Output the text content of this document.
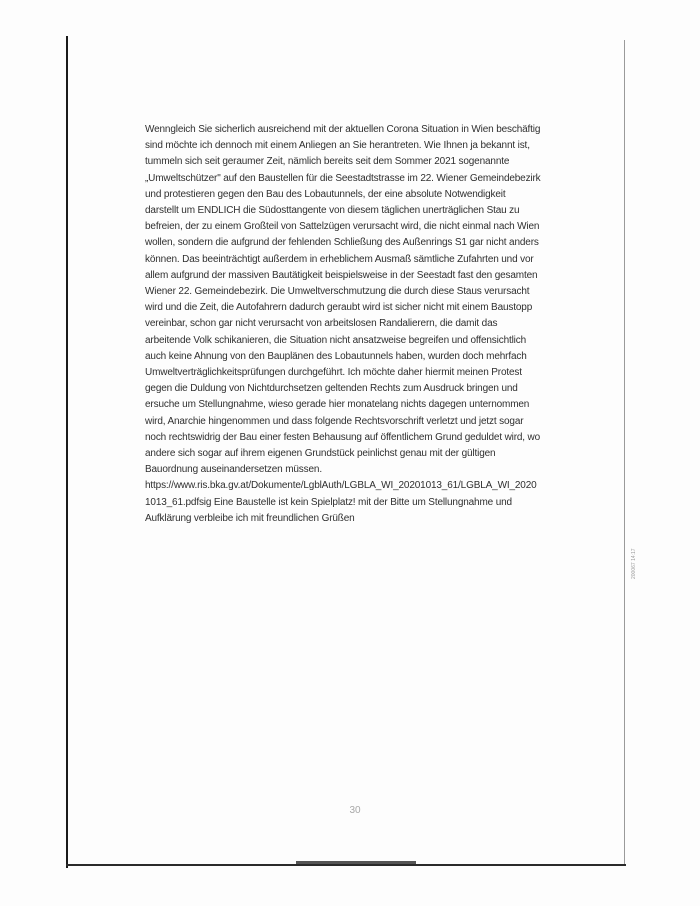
Wenngleich Sie sicherlich ausreichend mit der aktuellen Corona Situation in Wien beschäftig
sind möchte ich dennoch mit einem Anliegen an Sie herantreten. Wie Ihnen ja bekannt ist,
tummeln sich seit geraumer Zeit, nämlich bereits seit dem Sommer 2021 sogenannte
„Umweltschützer" auf den Baustellen für die Seestadtstrasse im 22. Wiener Gemeindebezirk
und protestieren gegen den Bau des Lobautunnels, der eine absolute Notwendigkeit
darstellt um ENDLICH die Südosttangente von diesem täglichen unerträglichen Stau zu
befreien, der zu einem Großteil von Sattelzügen verursacht wird, die nicht einmal nach Wien
wollen, sondern die aufgrund der fehlenden Schließung des Außenrings S1 gar nicht anders
können. Das beeinträchtigt außerdem in erheblichem Ausmaß sämtliche Zufahrten und vor
allem aufgrund der massiven Bautätigkeit beispielsweise in der Seestadt fast den gesamten
Wiener 22. Gemeindebezirk. Die Umweltverschmutzung die durch diese Staus verursacht
wird und die Zeit, die Autofahrern dadurch geraubt wird ist sicher nicht mit einem Baustopp
vereinbar, schon gar nicht verursacht von arbeitslosen Randalierern, die damit das
arbeitende Volk schikanieren, die Situation nicht ansatzweise begreifen und offensichtlich
auch keine Ahnung von den Bauplänen des Lobautunnels haben, wurden doch mehrfach
Umweltverträglichkeitsprüfungen durchgeführt. Ich möchte daher hiermit meinen Protest
gegen die Duldung von Nichtdurchsetzen geltenden Rechts zum Ausdruck bringen und
ersuche um Stellungnahme, wieso gerade hier monatelang nichts dagegen unternommen
wird, Anarchie hingenommen und dass folgende Rechtsvorschrift verletzt und jetzt sogar
noch rechtswidrig der Bau einer festen Behausung auf öffentlichem Grund geduldet wird, wo
andere sich sogar auf ihrem eigenen Grundstück peinlichst genau mit der gültigen
Bauordnung auseinandersetzen müssen.
https://www.ris.bka.gv.at/Dokumente/LgblAuth/LGBLA_WI_20201013_61/LGBLA_WI_2020
1013_61.pdfsig Eine Baustelle ist kein Spielplatz! mit der Bitte um Stellungnahme und
Aufklärung verbleibe ich mit freundlichen Grüßen
30
200067 14:17
